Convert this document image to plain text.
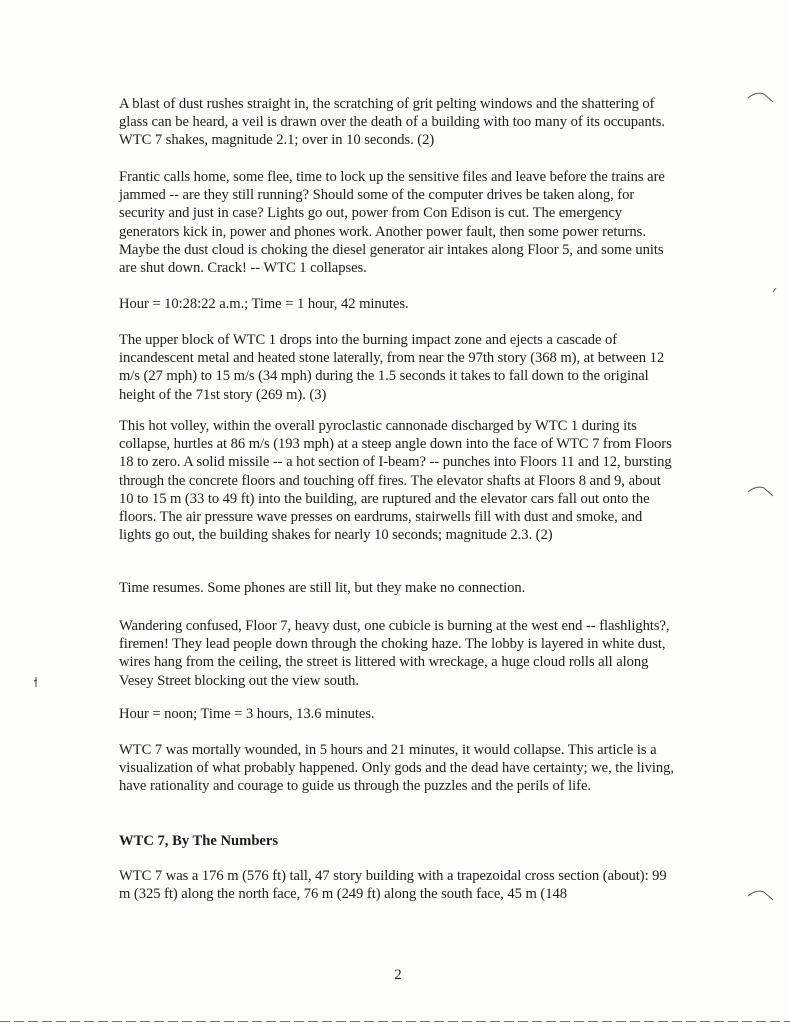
A blast of dust rushes straight in, the scratching of grit pelting windows and the shattering of glass can be heard, a veil is drawn over the death of a building with too many of its occupants. WTC 7 shakes, magnitude 2.1; over in 10 seconds. (2)

Frantic calls home, some flee, time to lock up the sensitive files and leave before the trains are jammed -- are they still running? Should some of the computer drives be taken along, for security and just in case? Lights go out, power from Con Edison is cut. The emergency generators kick in, power and phones work. Another power fault, then some power returns. Maybe the dust cloud is choking the diesel generator air intakes along Floor 5, and some units are shut down. Crack! -- WTC 1 collapses.

Hour = 10:28:22 a.m.; Time = 1 hour, 42 minutes.

The upper block of WTC 1 drops into the burning impact zone and ejects a cascade of incandescent metal and heated stone laterally, from near the 97th story (368 m), at between 12 m/s (27 mph) to 15 m/s (34 mph) during the 1.5 seconds it takes to fall down to the original height of the 71st story (269 m). (3)

This hot volley, within the overall pyroclastic cannonade discharged by WTC 1 during its collapse, hurtles at 86 m/s (193 mph) at a steep angle down into the face of WTC 7 from Floors 18 to zero. A solid missile -- a hot section of I-beam? -- punches into Floors 11 and 12, bursting through the concrete floors and touching off fires. The elevator shafts at Floors 8 and 9, about 10 to 15 m (33 to 49 ft) into the building, are ruptured and the elevator cars fall out onto the floors. The air pressure wave presses on eardrums, stairwells fill with dust and smoke, and lights go out, the building shakes for nearly 10 seconds; magnitude 2.3. (2)

Time resumes. Some phones are still lit, but they make no connection.

Wandering confused, Floor 7, heavy dust, one cubicle is burning at the west end -- flashlights?, firemen! They lead people down through the choking haze. The lobby is layered in white dust, wires hang from the ceiling, the street is littered with wreckage, a huge cloud rolls all along Vesey Street blocking out the view south.

Hour = noon; Time = 3 hours, 13.6 minutes.

WTC 7 was mortally wounded, in 5 hours and 21 minutes, it would collapse. This article is a visualization of what probably happened. Only gods and the dead have certainty; we, the living, have rationality and courage to guide us through the puzzles and the perils of life.

WTC 7, By The Numbers

WTC 7 was a 176 m (576 ft) tall, 47 story building with a trapezoidal cross section (about): 99 m (325 ft) along the north face, 76 m (249 ft) along the south face, 45 m (148

2
